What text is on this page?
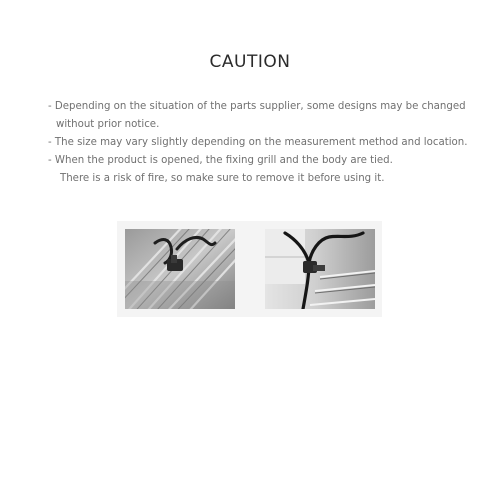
CAUTION
- Depending on the situation of the parts supplier, some designs may be changed
without prior notice.
- The size may vary slightly depending on the measurement method and location.
- When the product is opened, the fixing grill and the body are tied.
There is a risk of fire, so make sure to remove it before using it.
